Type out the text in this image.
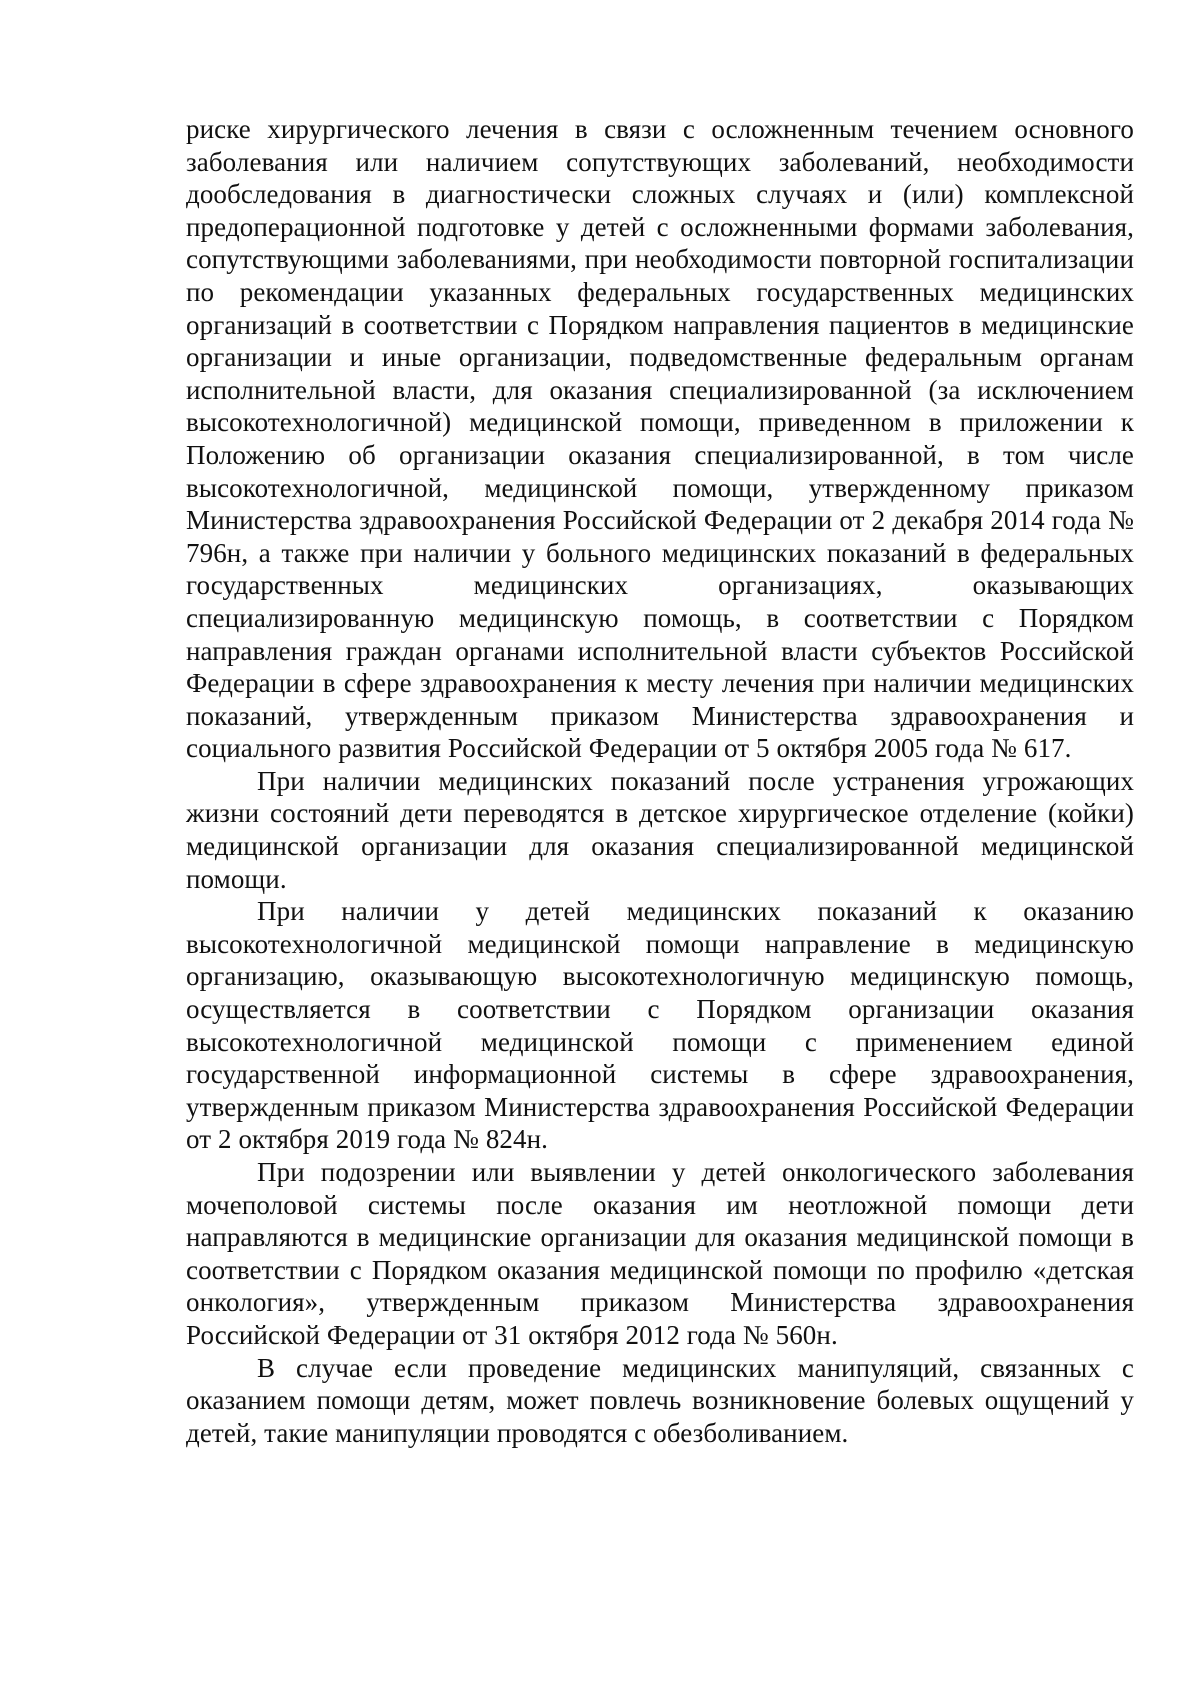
риске хирургического лечения в связи с осложненным течением основного заболевания или наличием сопутствующих заболеваний, необходимости дообследования в диагностически сложных случаях и (или) комплексной предоперационной подготовке у детей с осложненными формами заболевания, сопутствующими заболеваниями, при необходимости повторной госпитализации по рекомендации указанных федеральных государственных медицинских организаций в соответствии с Порядком направления пациентов в медицинские организации и иные организации, подведомственные федеральным органам исполнительной власти, для оказания специализированной (за исключением высокотехнологичной) медицинской помощи, приведенном в приложении к Положению об организации оказания специализированной, в том числе высокотехнологичной, медицинской помощи, утвержденному приказом Министерства здравоохранения Российской Федерации от 2 декабря 2014 года № 796н, а также при наличии у больного медицинских показаний в федеральных государственных медицинских организациях, оказывающих специализированную медицинскую помощь, в соответствии с Порядком направления граждан органами исполнительной власти субъектов Российской Федерации в сфере здравоохранения к месту лечения при наличии медицинских показаний, утвержденным приказом Министерства здравоохранения и социального развития Российской Федерации от 5 октября 2005 года № 617.

При наличии медицинских показаний после устранения угрожающих жизни состояний дети переводятся в детское хирургическое отделение (койки) медицинской организации для оказания специализированной медицинской помощи.

При наличии у детей медицинских показаний к оказанию высокотехнологичной медицинской помощи направление в медицинскую организацию, оказывающую высокотехнологичную медицинскую помощь, осуществляется в соответствии с Порядком организации оказания высокотехнологичной медицинской помощи с применением единой государственной информационной системы в сфере здравоохранения, утвержденным приказом Министерства здравоохранения Российской Федерации от 2 октября 2019 года № 824н.

При подозрении или выявлении у детей онкологического заболевания мочеполовой системы после оказания им неотложной помощи дети направляются в медицинские организации для оказания медицинской помощи в соответствии с Порядком оказания медицинской помощи по профилю «детская онкология», утвержденным приказом Министерства здравоохранения Российской Федерации от 31 октября 2012 года № 560н.

В случае если проведение медицинских манипуляций, связанных с оказанием помощи детям, может повлечь возникновение болевых ощущений у детей, такие манипуляции проводятся с обезболиванием.
